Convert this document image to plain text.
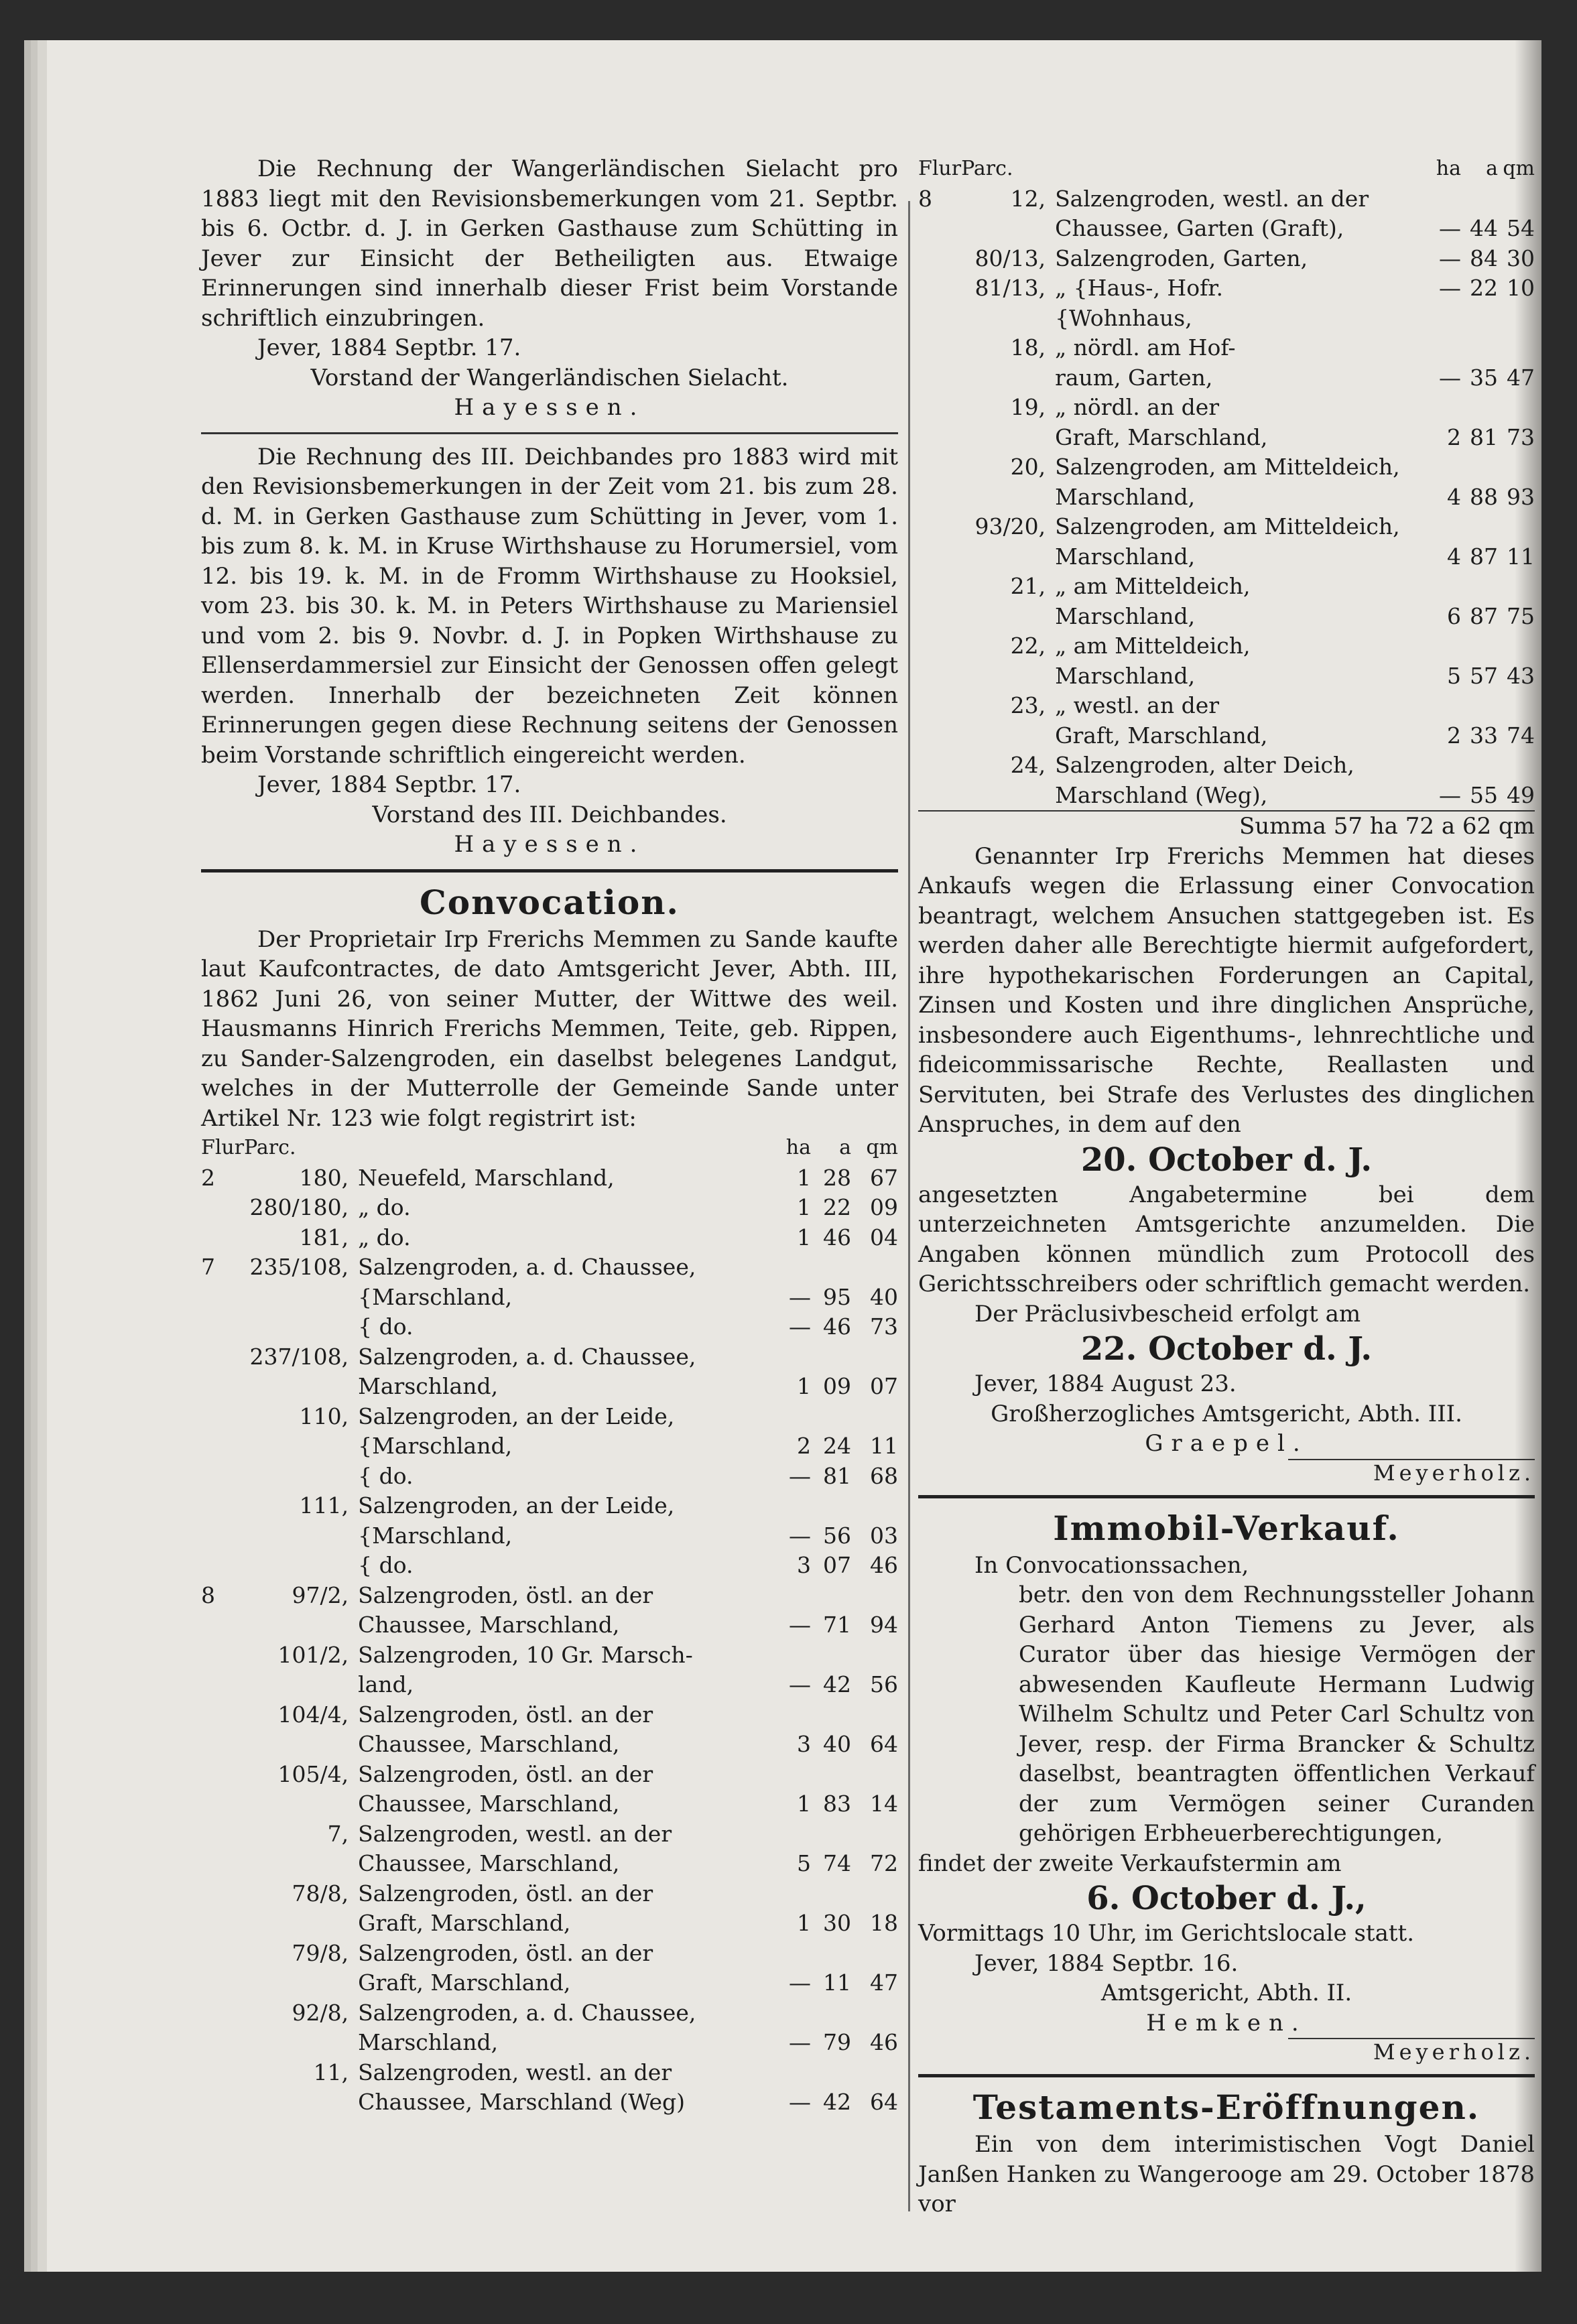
Die Rechnung der Wangerländischen Sielacht pro 1883 liegt mit den Revisionsbemerkungen vom 21. Septbr. bis 6. Octbr. d. J. in Gerken Gasthause zum Schütting in Jever zur Einsicht der Betheiligten aus. Etwaige Erinnerungen sind innerhalb dieser Frist beim Vorstande schriftlich einzubringen.

Jever, 1884 Septbr. 17.

Vorstand der Wangerländischen Sielacht.

Hayessen.

Die Rechnung des III. Deichbandes pro 1883 wird mit den Revisionsbemerkungen in der Zeit vom 21. bis zum 28. d. M. in Gerken Gasthause zum Schütting in Jever, vom 1. bis zum 8. k. M. in Kruse Wirthshause zu Horumersiel, vom 12. bis 19. k. M. in de Fromm Wirthshause zu Hooksiel, vom 23. bis 30. k. M. in Peters Wirthshause zu Mariensiel und vom 2. bis 9. Novbr. d. J. in Popken Wirthshause zu Ellenserdammersiel zur Einsicht der Genossen offen gelegt werden. Innerhalb der bezeichneten Zeit können Erinnerungen gegen diese Rechnung seitens der Genossen beim Vorstande schriftlich eingereicht werden.

Jever, 1884 Septbr. 17.

Vorstand des III. Deichbandes.

Hayessen.

Convocation.

Der Proprietair Irp Frerichs Memmen zu Sande kaufte laut Kaufcontractes, de dato Amtsgericht Jever, Abth. III, 1862 Juni 26, von seiner Mutter, der Wittwe des weil. Hausmanns Hinrich Frerichs Memmen, Teite, geb. Rippen, zu Sander-Salzengroden, ein daselbst belegenes Landgut, welches in der Mutterrolle der Gemeinde Sande unter Artikel Nr. 123 wie folgt registrirt ist:

Flur	Parc.		ha	a	qm
2	180,	Neuefeld, Marschland,	1	28	67
	280/180,	„ do.	1	22	09
	181,	„ do.	1	46	04
7	235/108,	Salzengroden, a. d. Chaussee,			
		{Marschland,	—	95	40
		{ do.	—	46	73
	237/108,	Salzengroden, a. d. Chaussee,			
		Marschland,	1	09	07
	110,	Salzengroden, an der Leide,			
		{Marschland,	2	24	11
		{ do.	—	81	68
	111,	Salzengroden, an der Leide,			
		{Marschland,	—	56	03
		{ do.	3	07	46
8	97/2,	Salzengroden, östl. an der			
		Chaussee, Marschland,	—	71	94
	101/2,	Salzengroden, 10 Gr. Marsch-			
		land,	—	42	56
	104/4,	Salzengroden, östl. an der			
		Chaussee, Marschland,	3	40	64
	105/4,	Salzengroden, östl. an der			
		Chaussee, Marschland,	1	83	14
	7,	Salzengroden, westl. an der			
		Chaussee, Marschland,	5	74	72
	78/8,	Salzengroden, östl. an der			
		Graft, Marschland,	1	30	18
	79/8,	Salzengroden, östl. an der			
		Graft, Marschland,	—	11	47
	92/8,	Salzengroden, a. d. Chaussee,			
		Marschland,	—	79	46
	11,	Salzengroden, westl. an der			
		Chaussee, Marschland (Weg)	—	42	64
Flur	Parc.		ha	a	qm
8	12,	Salzengroden, westl. an der			
		Chaussee, Garten (Graft),	—	44	54
	80/13,	Salzengroden, Garten,	—	84	30
	81/13,	„ {Haus-, Hofr.	—	22	10
		{Wohnhaus,			
	18,	„ nördl. am Hof-			
		raum, Garten,	—	35	47
	19,	„ nördl. an der			
		Graft, Marschland,	2	81	73
	20,	Salzengroden, am Mitteldeich,			
		Marschland,	4	88	93
	93/20,	Salzengroden, am Mitteldeich,			
		Marschland,	4	87	11
	21,	„ am Mitteldeich,			
		Marschland,	6	87	75
	22,	„ am Mitteldeich,			
		Marschland,	5	57	43
	23,	„ westl. an der			
		Graft, Marschland,	2	33	74
	24,	Salzengroden, alter Deich,			
		Marschland (Weg),	—	55	49

Summa 57 ha 72 a 62 qm

Genannter Irp Frerichs Memmen hat dieses Ankaufs wegen die Erlassung einer Convocation beantragt, welchem Ansuchen stattgegeben ist. Es werden daher alle Berechtigte hiermit aufgefordert, ihre hypothekarischen Forderungen an Capital, Zinsen und Kosten und ihre dinglichen Ansprüche, insbesondere auch Eigenthums-, lehnrechtliche und fideicommissarische Rechte, Reallasten und Servituten, bei Strafe des Verlustes des dinglichen Anspruches, in dem auf den

20. October d. J.

angesetzten Angabetermine bei dem unterzeichneten Amtsgerichte anzumelden. Die Angaben können mündlich zum Protocoll des Gerichtsschreibers oder schriftlich gemacht werden.

Der Präclusivbescheid erfolgt am

22. October d. J.

Jever, 1884 August 23.

Großherzogliches Amtsgericht, Abth. III.

Graepel.

Meyerholz.

Immobil-Verkauf.

In Convocationssachen,

betr. den von dem Rechnungssteller Johann Gerhard Anton Tiemens zu Jever, als Curator über das hiesige Vermögen der abwesenden Kaufleute Hermann Ludwig Wilhelm Schultz und Peter Carl Schultz von Jever, resp. der Firma Brancker & Schultz daselbst, beantragten öffentlichen Verkauf der zum Vermögen seiner Curanden gehörigen Erbheuerberechtigungen,

findet der zweite Verkaufstermin am

6. October d. J.,

Vormittags 10 Uhr, im Gerichtslocale statt.

Jever, 1884 Septbr. 16.

Amtsgericht, Abth. II.

Hemken.

Meyerholz.

Testaments-Eröffnungen.

Ein von dem interimistischen Vogt Daniel Janßen Hanken zu Wangerooge am 29. October 1878 vor
